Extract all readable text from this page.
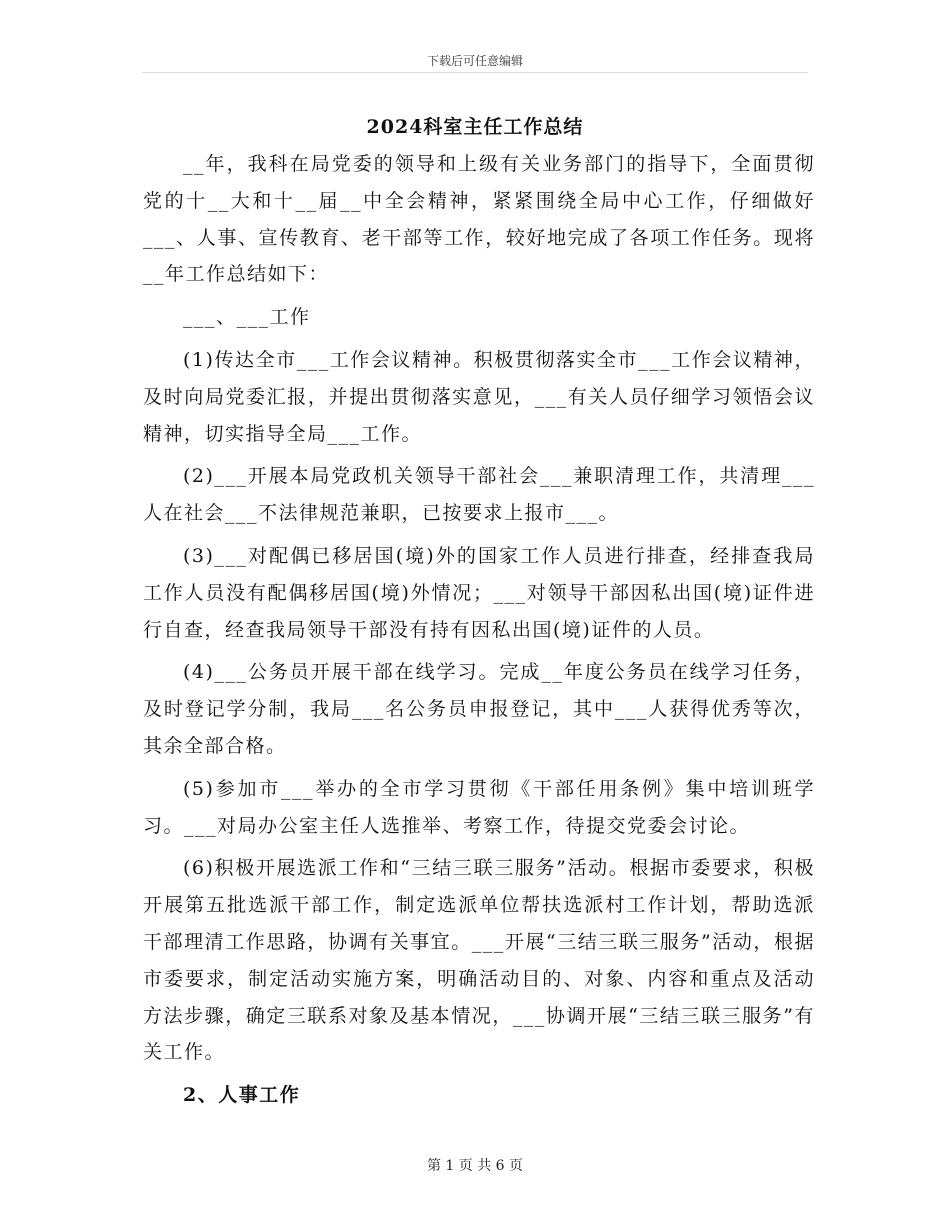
下载后可任意编辑
2024科室主任工作总结

__年，我科在局党委的领导和上级有关业务部门的指导下，全面贯彻党的十__大和十__届__中全会精神，紧紧围绕全局中心工作，仔细做好___、人事、宣传教育、老干部等工作，较好地完成了各项工作任务。现将__年工作总结如下：

___、___工作

(1)传达全市___工作会议精神。积极贯彻落实全市___工作会议精神，及时向局党委汇报，并提出贯彻落实意见，___有关人员仔细学习领悟会议精神，切实指导全局___工作。

(2)___开展本局党政机关领导干部社会___兼职清理工作，共清理___人在社会___不法律规范兼职，已按要求上报市___。

(3)___对配偶已移居国(境)外的国家工作人员进行排查，经排查我局工作人员没有配偶移居国(境)外情况；___对领导干部因私出国(境)证件进行自查，经查我局领导干部没有持有因私出国(境)证件的人员。

(4)___公务员开展干部在线学习。完成__年度公务员在线学习任务，及时登记学分制，我局___名公务员申报登记，其中___人获得优秀等次，其余全部合格。

(5)参加市___举办的全市学习贯彻《干部任用条例》集中培训班学习。___对局办公室主任人选推举、考察工作，待提交党委会讨论。

(6)积极开展选派工作和“三结三联三服务”活动。根据市委要求，积极开展第五批选派干部工作，制定选派单位帮扶选派村工作计划，帮助选派干部理清工作思路，协调有关事宜。___开展“三结三联三服务”活动，根据市委要求，制定活动实施方案，明确活动目的、对象、内容和重点及活动方法步骤，确定三联系对象及基本情况，___协调开展“三结三联三服务”有关工作。

2、人事工作

第 1 页 共 6 页
